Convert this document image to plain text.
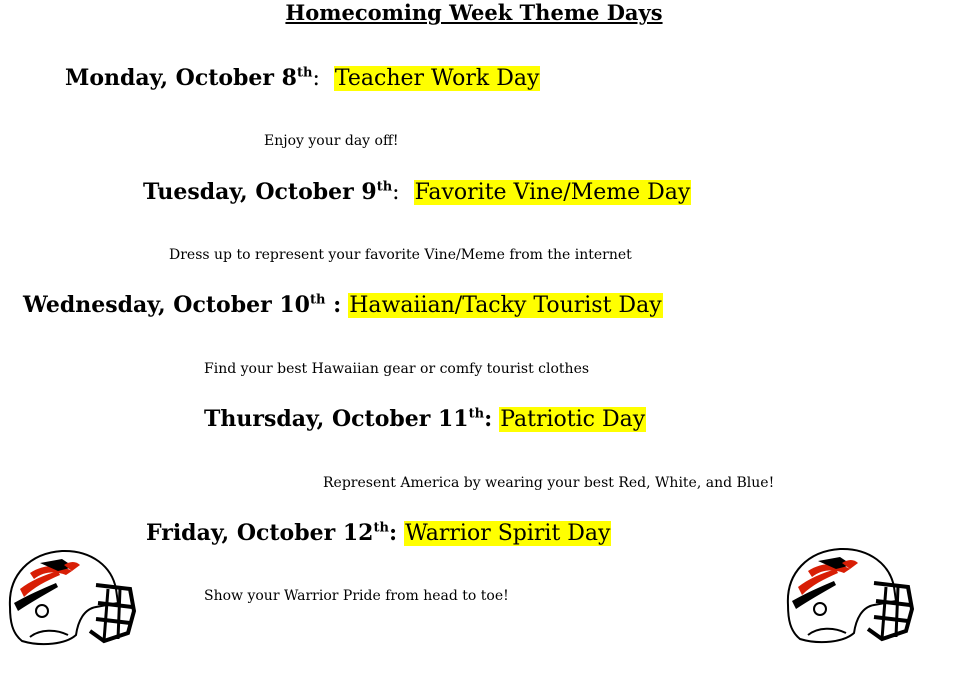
Homecoming Week Theme Days
Monday, October 8th: Teacher Work Day
Enjoy your day off!
Tuesday, October 9th: Favorite Vine/Meme Day
Dress up to represent your favorite Vine/Meme from the internet
Wednesday, October 10th : Hawaiian/Tacky Tourist Day
Find your best Hawaiian gear or comfy tourist clothes
Thursday, October 11th: Patriotic Day
Represent America by wearing your best Red, White, and Blue!
Friday, October 12th: Warrior Spirit Day
Show your Warrior Pride from head to toe!
